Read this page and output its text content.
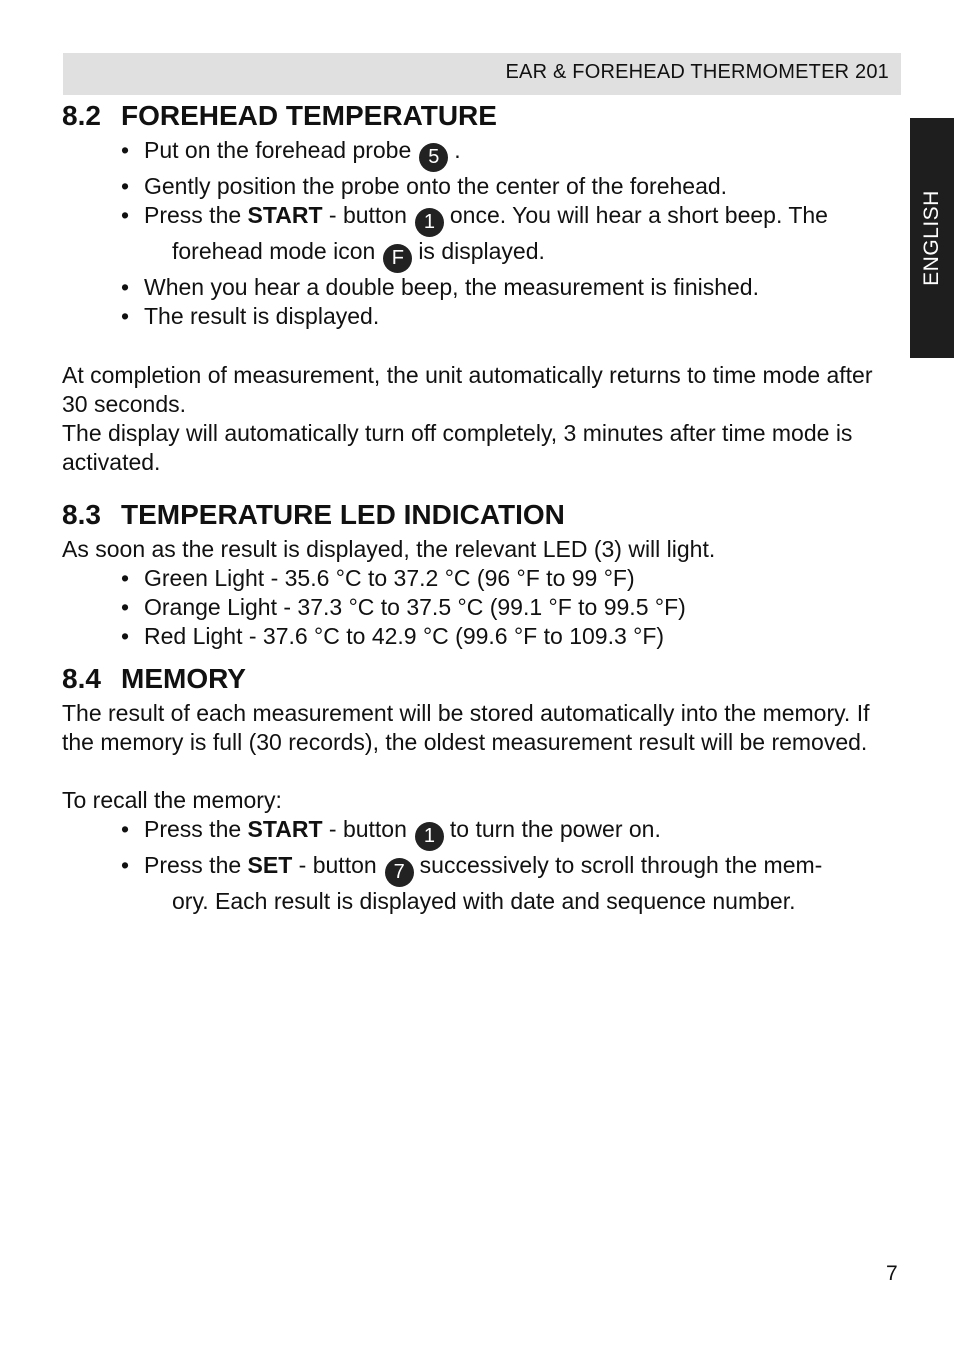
EAR & FOREHEAD THERMOMETER 201
ENGLISH
8.2 FOREHEAD TEMPERATURE
• Put on the forehead probe 5 .
• Gently position the probe onto the center of the forehead.
• Press the START - button 1 once. You will hear a short beep. The
forehead mode icon F is displayed.
• When you hear a double beep, the measurement is finished.
• The result is displayed.

At completion of measurement, the unit automatically returns to time mode after 30 seconds.

The display will automatically turn off completely, 3 minutes after time mode is activated.

8.3 TEMPERATURE LED INDICATION

As soon as the result is displayed, the relevant LED (3) will light.

• Green Light - 35.6 °C to 37.2 °C (96 °F to 99 °F)
• Orange Light - 37.3 °C to 37.5 °C (99.1 °F to 99.5 °F)
• Red Light - 37.6 °C to 42.9 °C (99.6 °F to 109.3 °F)
8.4 MEMORY

The result of each measurement will be stored automatically into the memory. If the memory is full (30 records), the oldest measurement result will be removed.

To recall the memory:

• Press the START - button 1 to turn the power on.
• Press the SET - button 7 successively to scroll through the mem-
ory. Each result is displayed with date and sequence number.
7
